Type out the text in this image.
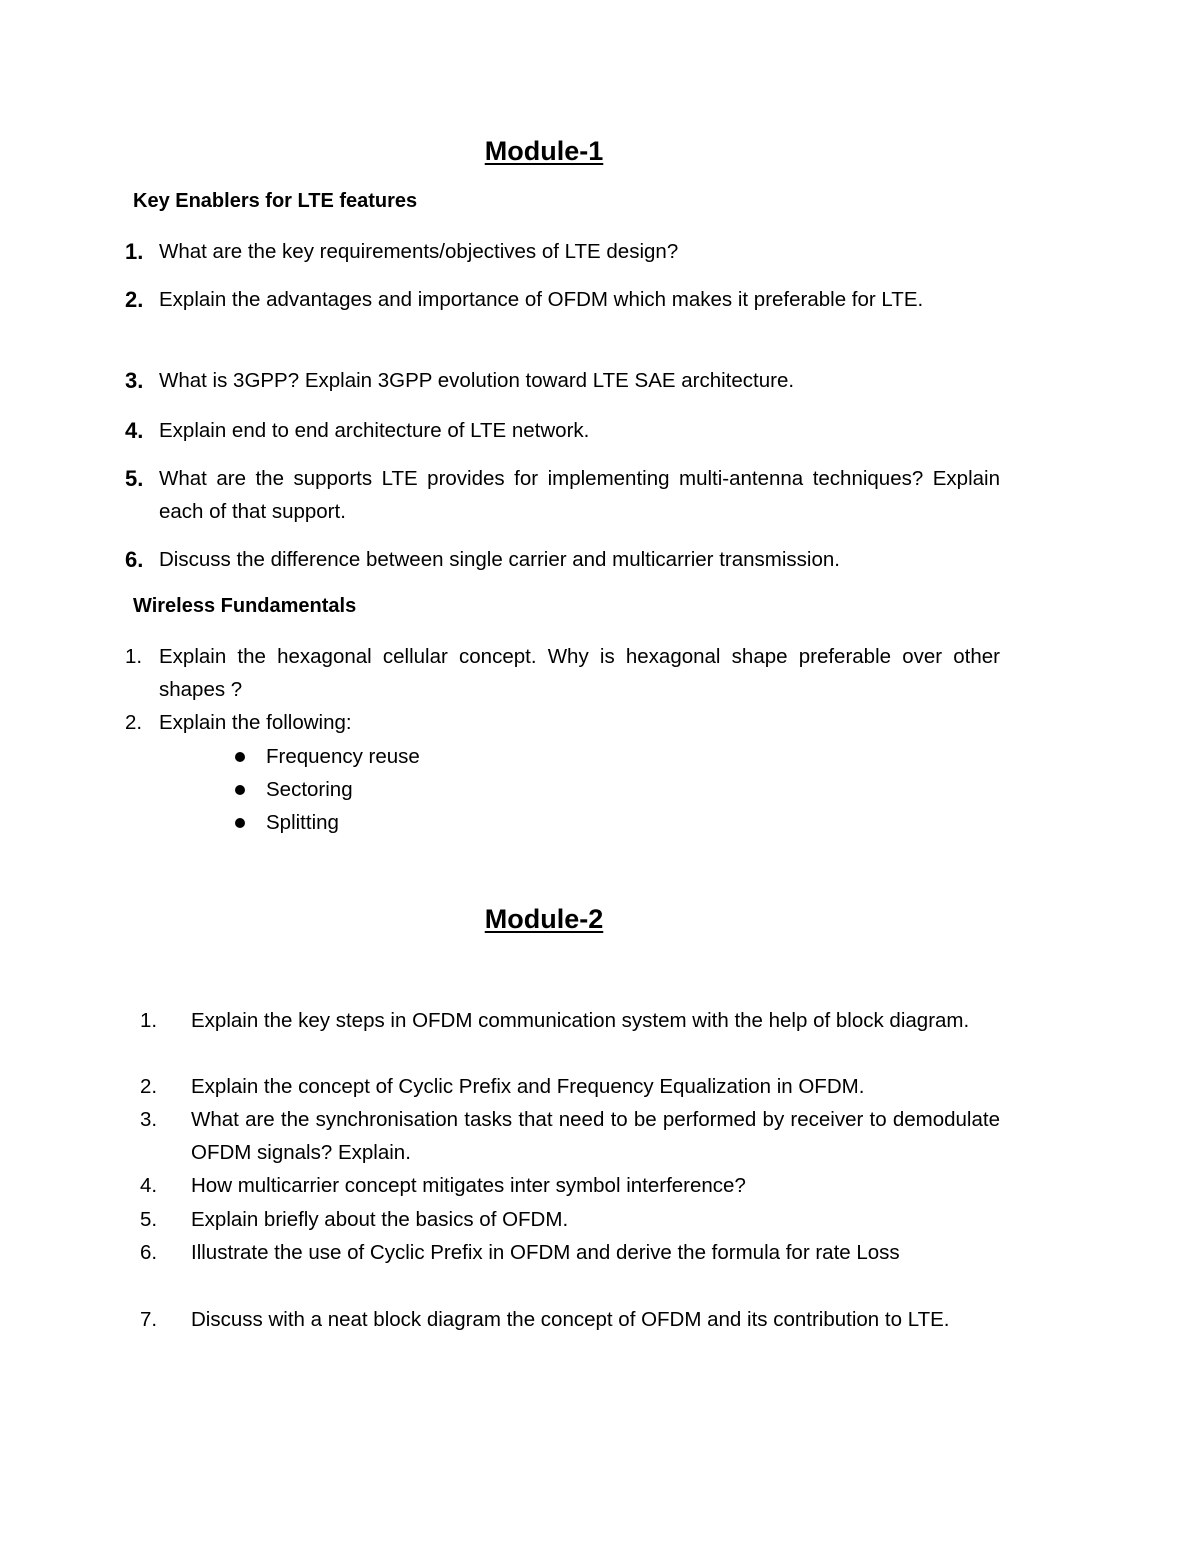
Module-1
Key Enablers for LTE features
1. What are the key requirements/objectives of LTE design?
2. Explain the advantages and importance of OFDM which makes it preferable for LTE.
3. What is 3GPP? Explain 3GPP evolution toward LTE SAE architecture.
4. Explain end to end architecture of LTE network.
5. What are the supports LTE provides for implementing multi-antenna techniques? Explain each of that support.
6. Discuss the difference between single carrier and multicarrier transmission.
Wireless Fundamentals
1. Explain the hexagonal cellular concept. Why is hexagonal shape preferable over other shapes ?
2. Explain the following:
Frequency reuse
Sectoring
Splitting
Module-2
1. Explain the key steps in OFDM communication system with the help of block diagram.
2. Explain the concept of Cyclic Prefix and Frequency Equalization in OFDM.
3. What are the synchronisation tasks that need to be performed by receiver to demodulate OFDM signals? Explain.
4. How multicarrier concept mitigates inter symbol interference?
5. Explain briefly about the basics of OFDM.
6. Illustrate the use of Cyclic Prefix in OFDM and derive the formula for rate Loss
7. Discuss with a neat block diagram the concept of OFDM and its contribution to LTE.
